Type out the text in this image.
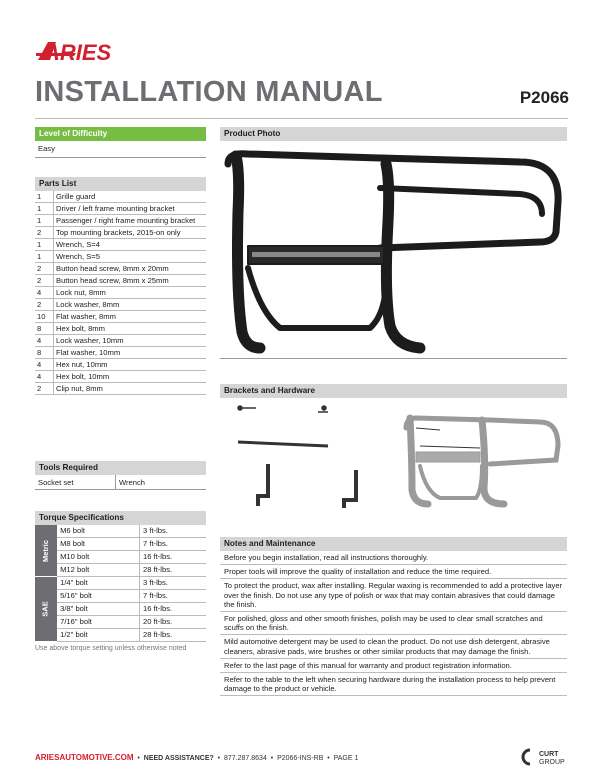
ARIES
INSTALLATION MANUAL	P2066
Level of Difficulty
Easy
Parts List
1	Grille guard
1	Driver / left frame mounting bracket
1	Passenger / right frame mounting bracket
2	Top mounting brackets, 2015-on only
1	Wrench, S=4
1	Wrench, S=5
2	Button head screw, 8mm x 20mm
2	Button head screw, 8mm x 25mm
4	Lock nut, 8mm
2	Lock washer, 8mm
10	Flat washer, 8mm
8	Hex bolt, 8mm
4	Lock washer, 10mm
8	Flat washer, 10mm
4	Hex nut, 10mm
4	Hex bolt, 10mm
2	Clip nut, 8mm
Tools Required
Socket set	Wrench
Torque Specifications
Metric	M6 bolt	3 ft-lbs.
	M8 bolt	7 ft-lbs.
	M10 bolt	16 ft-lbs.
	M12 bolt	28 ft-lbs.
SAE	1/4" bolt	3 ft-lbs.
	5/16" bolt	7 ft-lbs.
	3/8" bolt	16 ft-lbs.
	7/16" bolt	20 ft-lbs.
	1/2" bolt	28 ft-lbs.
Use above torque setting unless otherwise noted
Product Photo
Brackets and Hardware
Notes and Maintenance
Before you begin installation, read all instructions thoroughly.
Proper tools will improve the quality of installation and reduce the time required.
To protect the product, wax after installing. Regular waxing is recommended to add a protective layer over the finish. Do not use any type of polish or wax that may contain abrasives that could damage the finish.
For polished, gloss and other smooth finishes, polish may be used to clear small scratches and scuffs on the finish.
Mild automotive detergent may be used to clean the product. Do not use dish detergent, abrasive cleaners, abrasive pads, wire brushes or other similar products that may damage the finish.
Refer to the last page of this manual for warranty and product registration information.
Refer to the table to the left when securing hardware during the installation process to help prevent damage to the product or vehicle.
ARIESAUTOMOTIVE.COM  •  NEED ASSISTANCE?  •  877.287.8634  •  P2066-INS-RB  •  PAGE 1
CURT
GROUP
